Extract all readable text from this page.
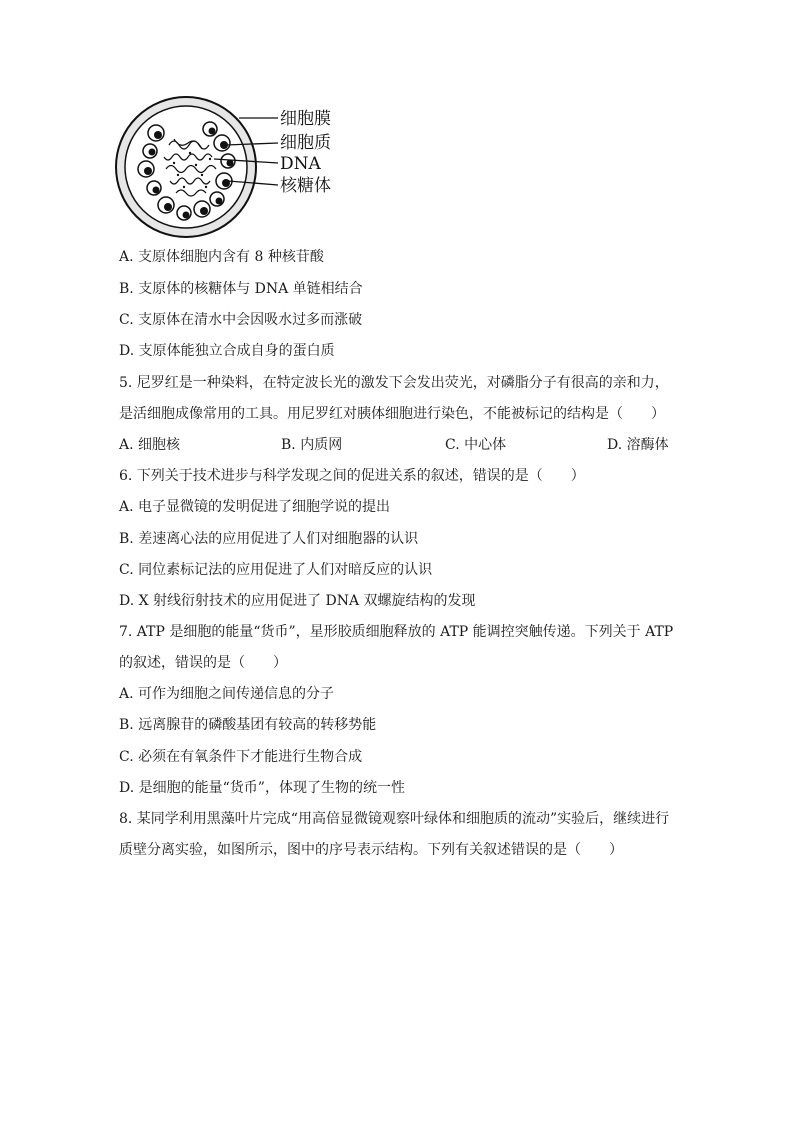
细胞膜
细胞质
DNA
核糖体
A. 支原体细胞内含有 8 种核苷酸
B. 支原体的核糖体与 DNA 单链相结合
C. 支原体在清水中会因吸水过多而涨破
D. 支原体能独立合成自身的蛋白质
5. 尼罗红是一种染料，在特定波长光的激发下会发出荧光，对磷脂分子有很高的亲和力，
是活细胞成像常用的工具。用尼罗红对胰体细胞进行染色，不能被标记的结构是（　　）
A. 细胞核	B. 内质网	C. 中心体	D. 溶酶体
6. 下列关于技术进步与科学发现之间的促进关系的叙述，错误的是（　　）
A. 电子显微镜的发明促进了细胞学说的提出
B. 差速离心法的应用促进了人们对细胞器的认识
C. 同位素标记法的应用促进了人们对暗反应的认识
D. X 射线衍射技术的应用促进了 DNA 双螺旋结构的发现
7. ATP 是细胞的能量“货币”，星形胶质细胞释放的 ATP 能调控突触传递。下列关于 ATP
的叙述，错误的是（　　）
A. 可作为细胞之间传递信息的分子
B. 远离腺苷的磷酸基团有较高的转移势能
C. 必须在有氧条件下才能进行生物合成
D. 是细胞的能量“货币”，体现了生物的统一性
8. 某同学利用黑藻叶片完成“用高倍显微镜观察叶绿体和细胞质的流动”实验后，继续进行
质壁分离实验，如图所示，图中的序号表示结构。下列有关叙述错误的是（　　）
